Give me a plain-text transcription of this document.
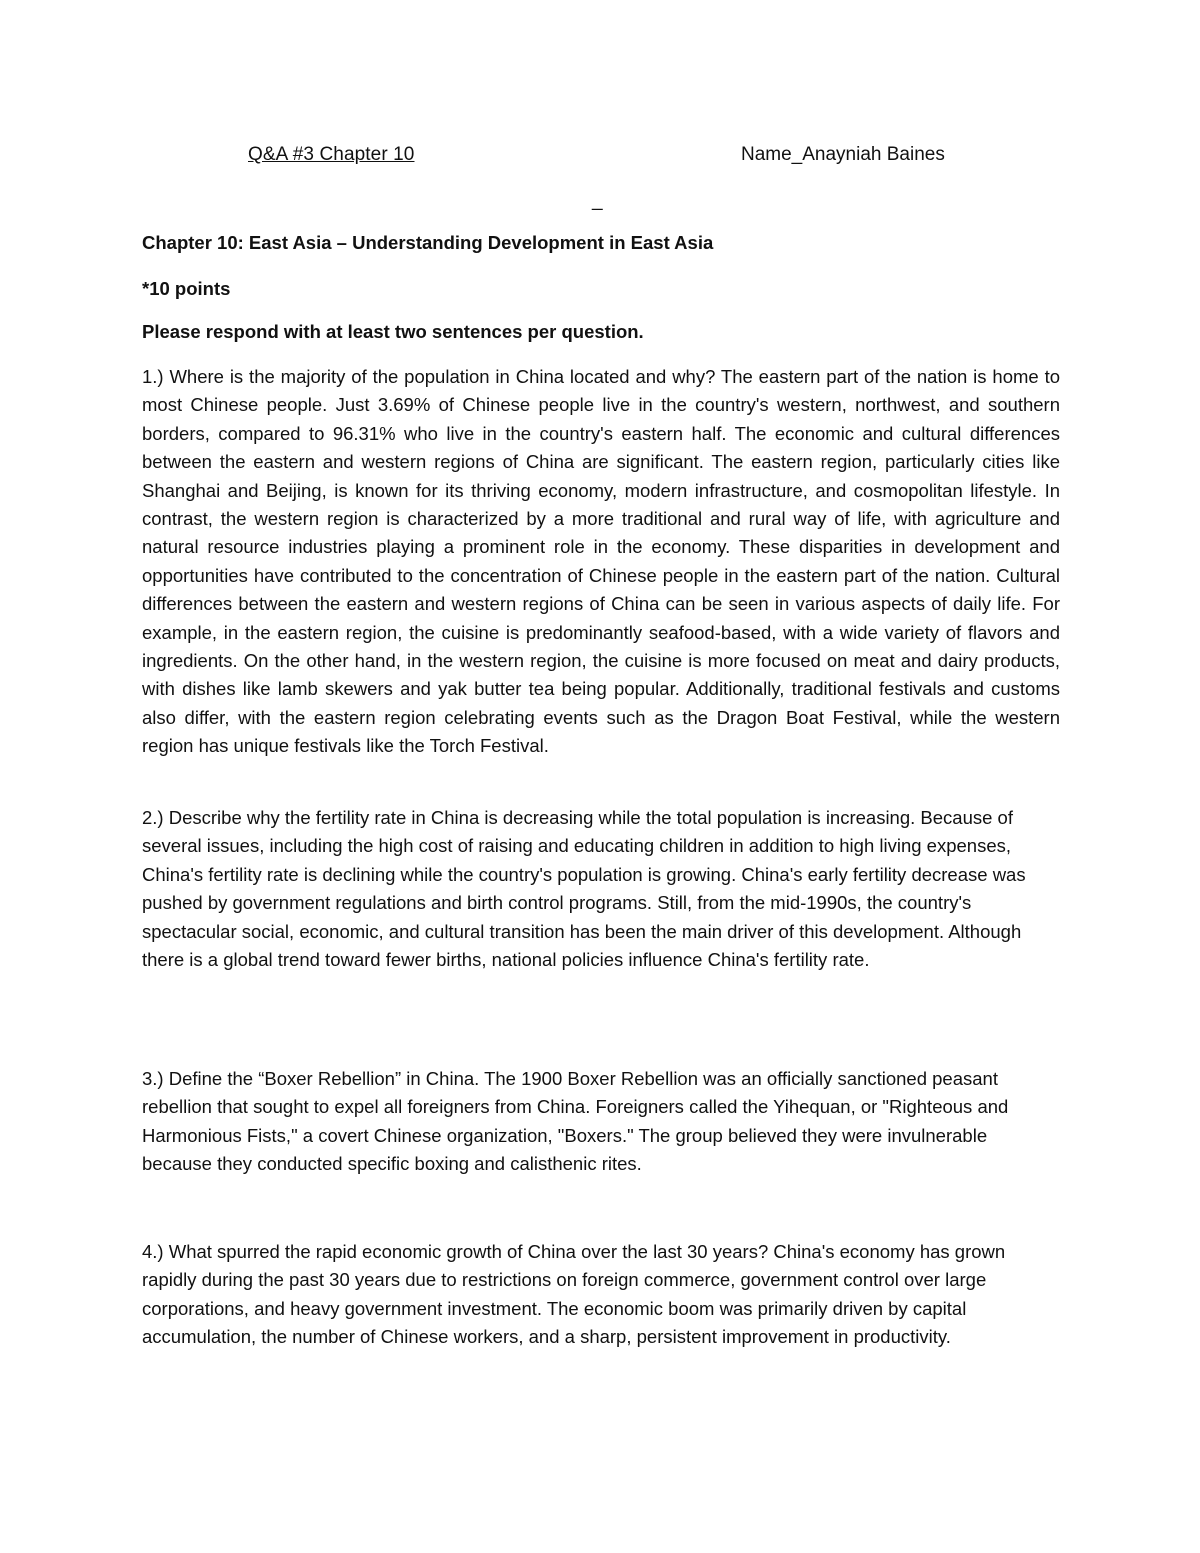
Q&A #3 Chapter 10	Name_Anayniah Baines
_
Chapter 10: East Asia – Understanding Development in East Asia
*10 points
Please respond with at least two sentences per question.
1.) Where is the majority of the population in China located and why? The eastern part of the nation is home to most Chinese people. Just 3.69% of Chinese people live in the country's western, northwest, and southern borders, compared to 96.31% who live in the country's eastern half. The economic and cultural differences between the eastern and western regions of China are significant. The eastern region, particularly cities like Shanghai and Beijing, is known for its thriving economy, modern infrastructure, and cosmopolitan lifestyle. In contrast, the western region is characterized by a more traditional and rural way of life, with agriculture and natural resource industries playing a prominent role in the economy. These disparities in development and opportunities have contributed to the concentration of Chinese people in the eastern part of the nation. Cultural differences between the eastern and western regions of China can be seen in various aspects of daily life. For example, in the eastern region, the cuisine is predominantly seafood-based, with a wide variety of flavors and ingredients. On the other hand, in the western region, the cuisine is more focused on meat and dairy products, with dishes like lamb skewers and yak butter tea being popular. Additionally, traditional festivals and customs also differ, with the eastern region celebrating events such as the Dragon Boat Festival, while the western region has unique festivals like the Torch Festival.
2.) Describe why the fertility rate in China is decreasing while the total population is increasing. Because of several issues, including the high cost of raising and educating children in addition to high living expenses, China's fertility rate is declining while the country's population is growing. China's early fertility decrease was pushed by government regulations and birth control programs. Still, from the mid-1990s, the country's spectacular social, economic, and cultural transition has been the main driver of this development. Although there is a global trend toward fewer births, national policies influence China's fertility rate.
3.) Define the “Boxer Rebellion” in China. The 1900 Boxer Rebellion was an officially sanctioned peasant rebellion that sought to expel all foreigners from China. Foreigners called the Yihequan, or "Righteous and Harmonious Fists," a covert Chinese organization, "Boxers." The group believed they were invulnerable because they conducted specific boxing and calisthenic rites.
4.) What spurred the rapid economic growth of China over the last 30 years? China's economy has grown rapidly during the past 30 years due to restrictions on foreign commerce, government control over large corporations, and heavy government investment. The economic boom was primarily driven by capital accumulation, the number of Chinese workers, and a sharp, persistent improvement in productivity.
